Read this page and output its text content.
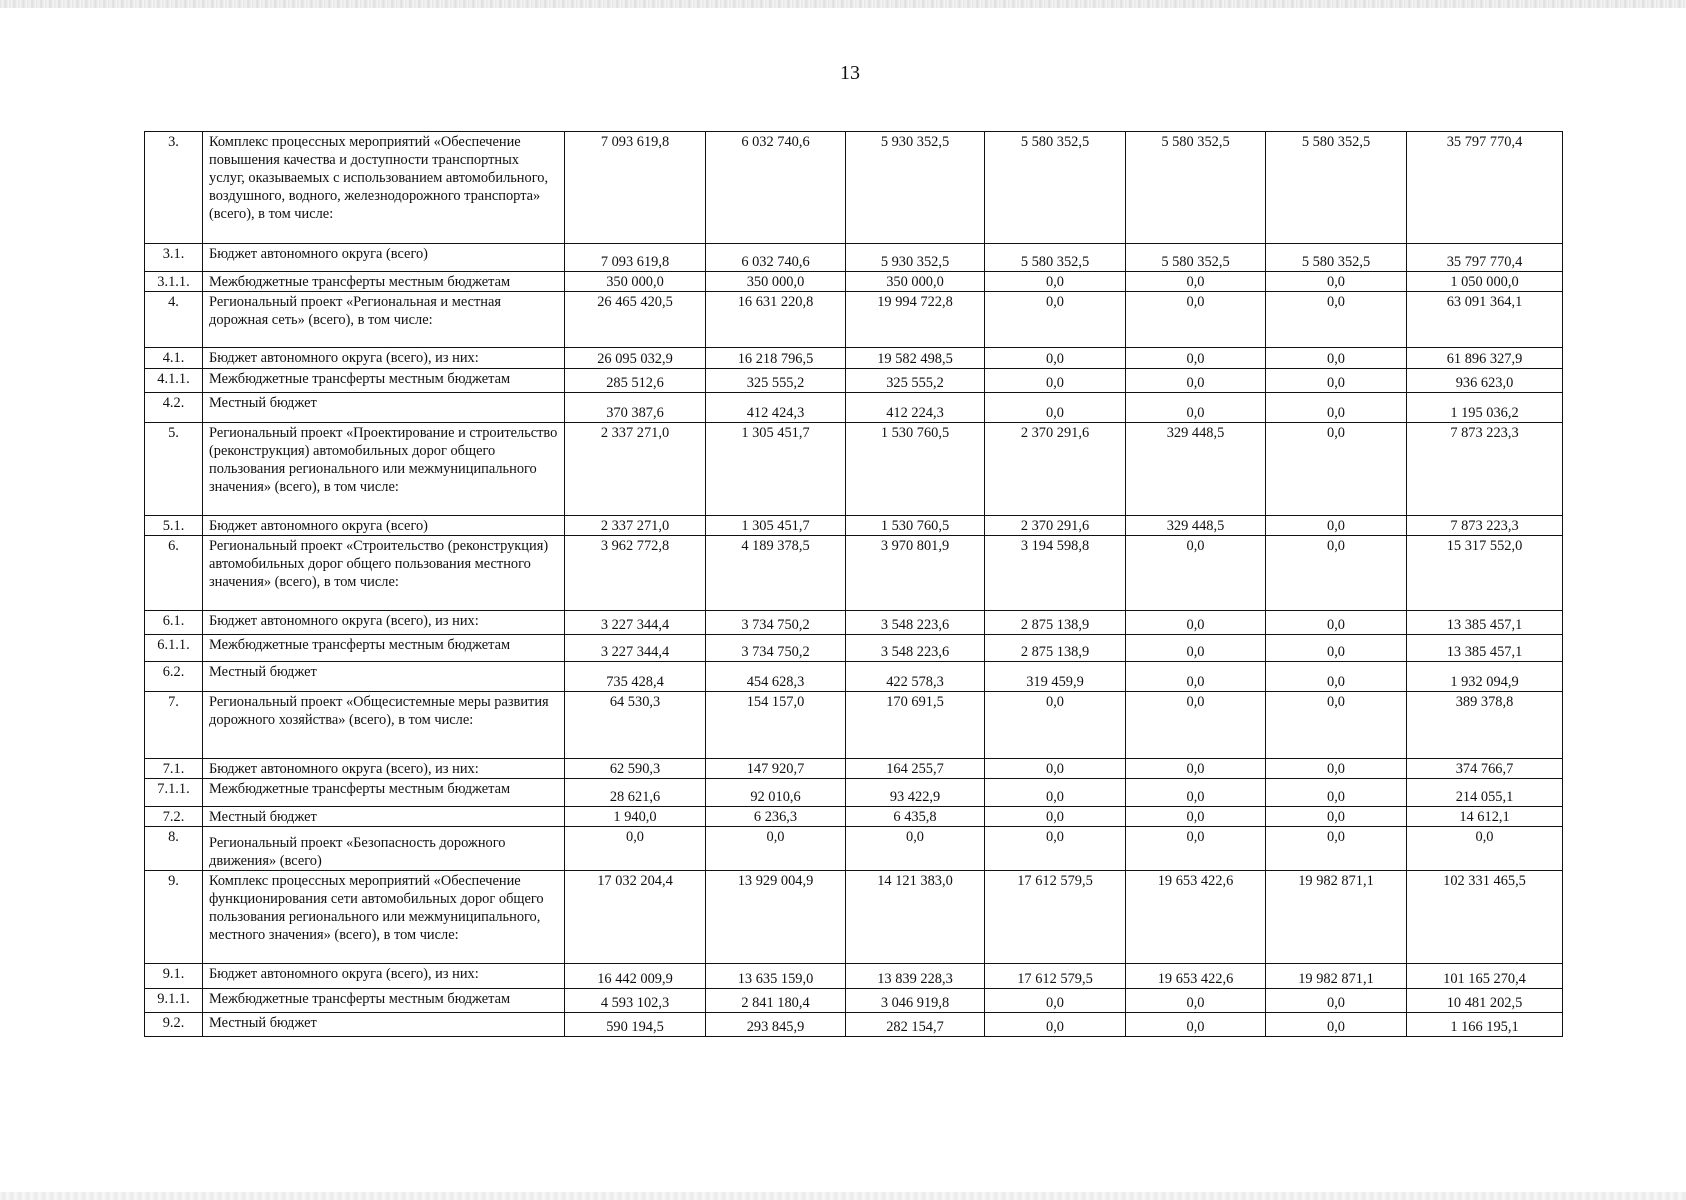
13
3.	Комплекс процессных мероприятий «Обеспечение повышения качества и доступности транспортных услуг, оказываемых с использованием автомобильного, воздушного, водного, железнодорожного транспорта» (всего), в том числе:	7 093 619,8	6 032 740,6	5 930 352,5	5 580 352,5	5 580 352,5	5 580 352,5	35 797 770,4
3.1.	Бюджет автономного округа (всего)	7 093 619,8	6 032 740,6	5 930 352,5	5 580 352,5	5 580 352,5	5 580 352,5	35 797 770,4
3.1.1.	Межбюджетные трансферты местным бюджетам	350 000,0	350 000,0	350 000,0	0,0	0,0	0,0	1 050 000,0
4.	Региональный проект «Региональная и местная дорожная сеть» (всего), в том числе:	26 465 420,5	16 631 220,8	19 994 722,8	0,0	0,0	0,0	63 091 364,1
4.1.	Бюджет автономного округа (всего), из них:	26 095 032,9	16 218 796,5	19 582 498,5	0,0	0,0	0,0	61 896 327,9
4.1.1.	Межбюджетные трансферты местным бюджетам	285 512,6	325 555,2	325 555,2	0,0	0,0	0,0	936 623,0
4.2.	Местный бюджет	370 387,6	412 424,3	412 224,3	0,0	0,0	0,0	1 195 036,2
5.	Региональный проект «Проектирование и строительство (реконструкция) автомобильных дорог общего пользования регионального или межмуниципального значения» (всего), в том числе:	2 337 271,0	1 305 451,7	1 530 760,5	2 370 291,6	329 448,5	0,0	7 873 223,3
5.1.	Бюджет автономного округа (всего)	2 337 271,0	1 305 451,7	1 530 760,5	2 370 291,6	329 448,5	0,0	7 873 223,3
6.	Региональный проект «Строительство (реконструкция) автомобильных дорог общего пользования местного значения» (всего), в том числе:	3 962 772,8	4 189 378,5	3 970 801,9	3 194 598,8	0,0	0,0	15 317 552,0
6.1.	Бюджет автономного округа (всего), из них:	3 227 344,4	3 734 750,2	3 548 223,6	2 875 138,9	0,0	0,0	13 385 457,1
6.1.1.	Межбюджетные трансферты местным бюджетам	3 227 344,4	3 734 750,2	3 548 223,6	2 875 138,9	0,0	0,0	13 385 457,1
6.2.	Местный бюджет	735 428,4	454 628,3	422 578,3	319 459,9	0,0	0,0	1 932 094,9
7.	Региональный проект «Общесистемные меры развития дорожного хозяйства» (всего), в том числе:	64 530,3	154 157,0	170 691,5	0,0	0,0	0,0	389 378,8
7.1.	Бюджет автономного округа (всего), из них:	62 590,3	147 920,7	164 255,7	0,0	0,0	0,0	374 766,7
7.1.1.	Межбюджетные трансферты местным бюджетам	28 621,6	92 010,6	93 422,9	0,0	0,0	0,0	214 055,1
7.2.	Местный бюджет	1 940,0	6 236,3	6 435,8	0,0	0,0	0,0	14 612,1
8.	Региональный проект «Безопасность дорожного движения» (всего)	0,0	0,0	0,0	0,0	0,0	0,0	0,0
9.	Комплекс процессных мероприятий «Обеспечение функционирования сети автомобильных дорог общего пользования регионального или межмуниципального, местного значения» (всего), в том числе:	17 032 204,4	13 929 004,9	14 121 383,0	17 612 579,5	19 653 422,6	19 982 871,1	102 331 465,5
9.1.	Бюджет автономного округа (всего), из них:	16 442 009,9	13 635 159,0	13 839 228,3	17 612 579,5	19 653 422,6	19 982 871,1	101 165 270,4
9.1.1.	Межбюджетные трансферты местным бюджетам	4 593 102,3	2 841 180,4	3 046 919,8	0,0	0,0	0,0	10 481 202,5
9.2.	Местный бюджет	590 194,5	293 845,9	282 154,7	0,0	0,0	0,0	1 166 195,1
